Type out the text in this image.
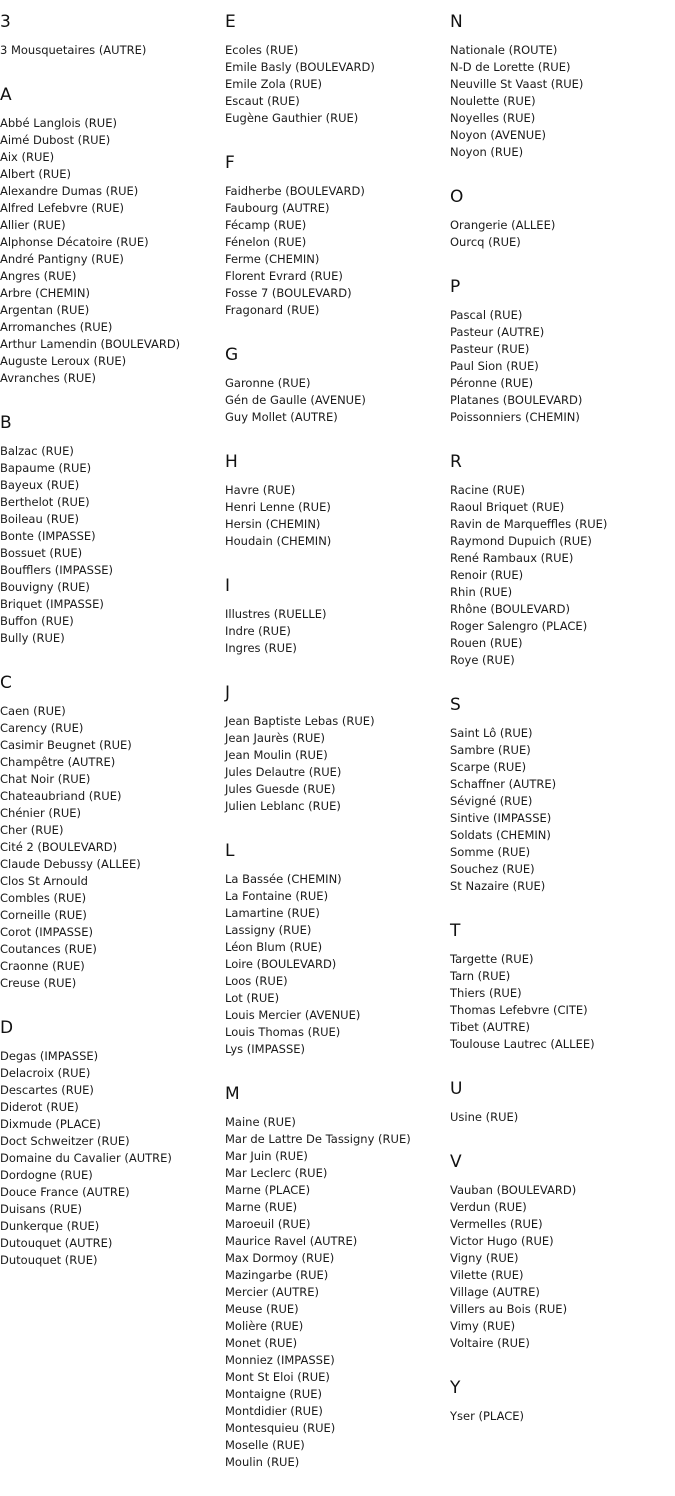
3
3 Mousquetaires (AUTRE)
A
Abbé Langlois (RUE)
Aimé Dubost (RUE)
Aix (RUE)
Albert (RUE)
Alexandre Dumas (RUE)
Alfred Lefebvre (RUE)
Allier (RUE)
Alphonse Décatoire (RUE)
André Pantigny (RUE)
Angres (RUE)
Arbre (CHEMIN)
Argentan (RUE)
Arromanches (RUE)
Arthur Lamendin (BOULEVARD)
Auguste Leroux (RUE)
Avranches (RUE)
B
Balzac (RUE)
Bapaume (RUE)
Bayeux (RUE)
Berthelot (RUE)
Boileau (RUE)
Bonte (IMPASSE)
Bossuet (RUE)
Boufflers (IMPASSE)
Bouvigny (RUE)
Briquet (IMPASSE)
Buffon (RUE)
Bully (RUE)
C
Caen (RUE)
Carency (RUE)
Casimir Beugnet (RUE)
Champêtre (AUTRE)
Chat Noir (RUE)
Chateaubriand (RUE)
Chénier (RUE)
Cher (RUE)
Cité 2 (BOULEVARD)
Claude Debussy (ALLEE)
Clos St Arnould
Combles (RUE)
Corneille (RUE)
Corot (IMPASSE)
Coutances (RUE)
Craonne (RUE)
Creuse (RUE)
D
Degas (IMPASSE)
Delacroix (RUE)
Descartes (RUE)
Diderot (RUE)
Dixmude (PLACE)
Doct Schweitzer (RUE)
Domaine du Cavalier (AUTRE)
Dordogne (RUE)
Douce France (AUTRE)
Duisans (RUE)
Dunkerque (RUE)
Dutouquet (AUTRE)
Dutouquet (RUE)
E
Ecoles (RUE)
Emile Basly (BOULEVARD)
Emile Zola (RUE)
Escaut (RUE)
Eugène Gauthier (RUE)
F
Faidherbe (BOULEVARD)
Faubourg (AUTRE)
Fécamp (RUE)
Fénelon (RUE)
Ferme (CHEMIN)
Florent Evrard (RUE)
Fosse 7 (BOULEVARD)
Fragonard (RUE)
G
Garonne (RUE)
Gén de Gaulle (AVENUE)
Guy Mollet (AUTRE)
H
Havre (RUE)
Henri Lenne (RUE)
Hersin (CHEMIN)
Houdain (CHEMIN)
I
Illustres (RUELLE)
Indre (RUE)
Ingres (RUE)
J
Jean Baptiste Lebas (RUE)
Jean Jaurès (RUE)
Jean Moulin (RUE)
Jules Delautre (RUE)
Jules Guesde (RUE)
Julien Leblanc (RUE)
L
La Bassée (CHEMIN)
La Fontaine (RUE)
Lamartine (RUE)
Lassigny (RUE)
Léon Blum (RUE)
Loire (BOULEVARD)
Loos (RUE)
Lot (RUE)
Louis Mercier (AVENUE)
Louis Thomas (RUE)
Lys (IMPASSE)
M
Maine (RUE)
Mar de Lattre De Tassigny (RUE)
Mar Juin (RUE)
Mar Leclerc (RUE)
Marne (PLACE)
Marne (RUE)
Maroeuil (RUE)
Maurice Ravel (AUTRE)
Max Dormoy (RUE)
Mazingarbe (RUE)
Mercier (AUTRE)
Meuse (RUE)
Molière (RUE)
Monet (RUE)
Monniez (IMPASSE)
Mont St Eloi (RUE)
Montaigne (RUE)
Montdidier (RUE)
Montesquieu (RUE)
Moselle (RUE)
Moulin (RUE)
N
Nationale (ROUTE)
N-D de Lorette (RUE)
Neuville St Vaast (RUE)
Noulette (RUE)
Noyelles (RUE)
Noyon (AVENUE)
Noyon (RUE)
O
Orangerie (ALLEE)
Ourcq (RUE)
P
Pascal (RUE)
Pasteur (AUTRE)
Pasteur (RUE)
Paul Sion (RUE)
Péronne (RUE)
Platanes (BOULEVARD)
Poissonniers (CHEMIN)
R
Racine (RUE)
Raoul Briquet (RUE)
Ravin de Marqueffles (RUE)
Raymond Dupuich (RUE)
René Rambaux (RUE)
Renoir (RUE)
Rhin (RUE)
Rhône (BOULEVARD)
Roger Salengro (PLACE)
Rouen (RUE)
Roye (RUE)
S
Saint Lô (RUE)
Sambre (RUE)
Scarpe (RUE)
Schaffner (AUTRE)
Sévigné (RUE)
Sintive (IMPASSE)
Soldats (CHEMIN)
Somme (RUE)
Souchez (RUE)
St Nazaire (RUE)
T
Targette (RUE)
Tarn (RUE)
Thiers (RUE)
Thomas Lefebvre (CITE)
Tibet (AUTRE)
Toulouse Lautrec (ALLEE)
U
Usine (RUE)
V
Vauban (BOULEVARD)
Verdun (RUE)
Vermelles (RUE)
Victor Hugo (RUE)
Vigny (RUE)
Vilette (RUE)
Village (AUTRE)
Villers au Bois (RUE)
Vimy (RUE)
Voltaire (RUE)
Y
Yser (PLACE)
